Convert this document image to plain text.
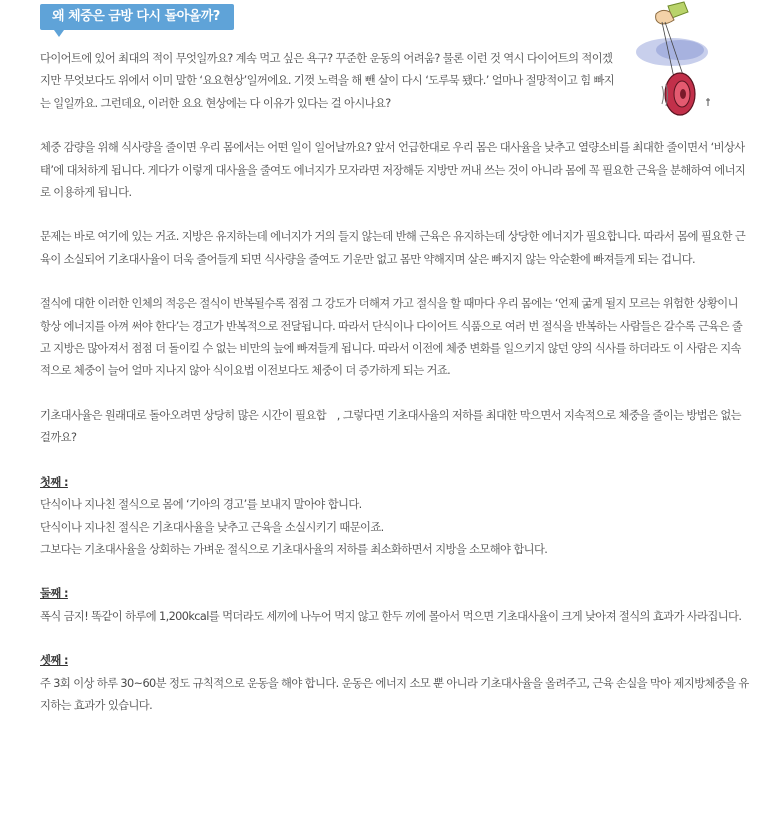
왜 체중은 금방 다시 돌아올까?

다이어트에 있어 최대의 적이 무엇일까요? 계속 먹고 싶은 욕구? 꾸준한 운동의 어려움? 물론 이런 것 역시 다이어트의 적이겠지만 무엇보다도 위에서 이미 말한 ‘요요현상’일꺼에요. 기껏 노력을 해 뺀 살이 다시 ‘도루묵 됐다.’ 얼마나 절망적이고 힘 빠지는 일일까요. 그런데요, 이러한 요요 현상에는 다 이유가 있다는 걸 아시나요?

체중 감량을 위해 식사량을 줄이면 우리 몸에서는 어떤 일이 일어날까요? 앞서 언급한대로 우리 몸은 대사율을 낮추고 열량소비를 최대한 줄이면서 ‘비상사태’에 대처하게 됩니다. 게다가 이렇게 대사율을 줄여도 에너지가 모자라면 저장해둔 지방만 꺼내 쓰는 것이 아니라 몸에 꼭 필요한 근육을 분해하여 에너지로 이용하게 됩니다.

문제는 바로 여기에 있는 거죠. 지방은 유지하는데 에너지가 거의 들지 않는데 반해 근육은 유지하는데 상당한 에너지가 필요합니다. 따라서 몸에 필요한 근육이 소실되어 기초대사율이 더욱 줄어들게 되면 식사량을 줄여도 기운만 없고 몸만 약해지며 살은 빠지지 않는 악순환에 빠져들게 되는 겁니다.

절식에 대한 이러한 인체의 적응은 절식이 반복될수록 점점 그 강도가 더해져 가고 절식을 할 때마다 우리 몸에는 ‘언제 굶게 될지 모르는 위험한 상황이니 항상 에너지를 아껴 써야 한다’는 경고가 반복적으로 전달됩니다. 따라서 단식이나 다이어트 식품으로 여러 번 절식을 반복하는 사람들은 갈수록 근육은 줄고 지방은 많아져서 점점 더 돌이킬 수 없는 비만의 늪에 빠져들게 됩니다. 따라서 이전에 체중 변화를 일으키지 않던 양의 식사를 하더라도 이 사람은 지속적으로 체중이 늘어 얼마 지나지 않아 식이요법 이전보다도 체중이 더 증가하게 되는 거죠.

기초대사율은 원래대로 돌아오려면 상당히 많은 시간이 필요합　, 그렇다면 기초대사율의 저하를 최대한 막으면서 지속적으로 체중을 줄이는 방법은 없는 걸까요?

첫째 :

단식이나 지나친 절식으로 몸에 ‘기아의 경고’를 보내지 말아야 합니다.

단식이나 지나친 절식은 기초대사율을 낮추고 근육을 소실시키기 때문이죠.

그보다는 기초대사율을 상회하는 가벼운 절식으로 기초대사율의 저하를 최소화하면서 지방을 소모해야 합니다.

둘째 :

폭식 금지! 똑같이 하루에 1,200kcal를 먹더라도 세끼에 나누어 먹지 않고 한두 끼에 몰아서 먹으면 기초대사율이 크게 낮아져 절식의 효과가 사라집니다.

셋째 :

주 3회 이상 하루 30~60분 정도 규칙적으로 운동을 해야 합니다. 운동은 에너지 소모 뿐 아니라 기초대사율을 올려주고, 근육 손실을 막아 제지방체중을 유지하는 효과가 있습니다.
